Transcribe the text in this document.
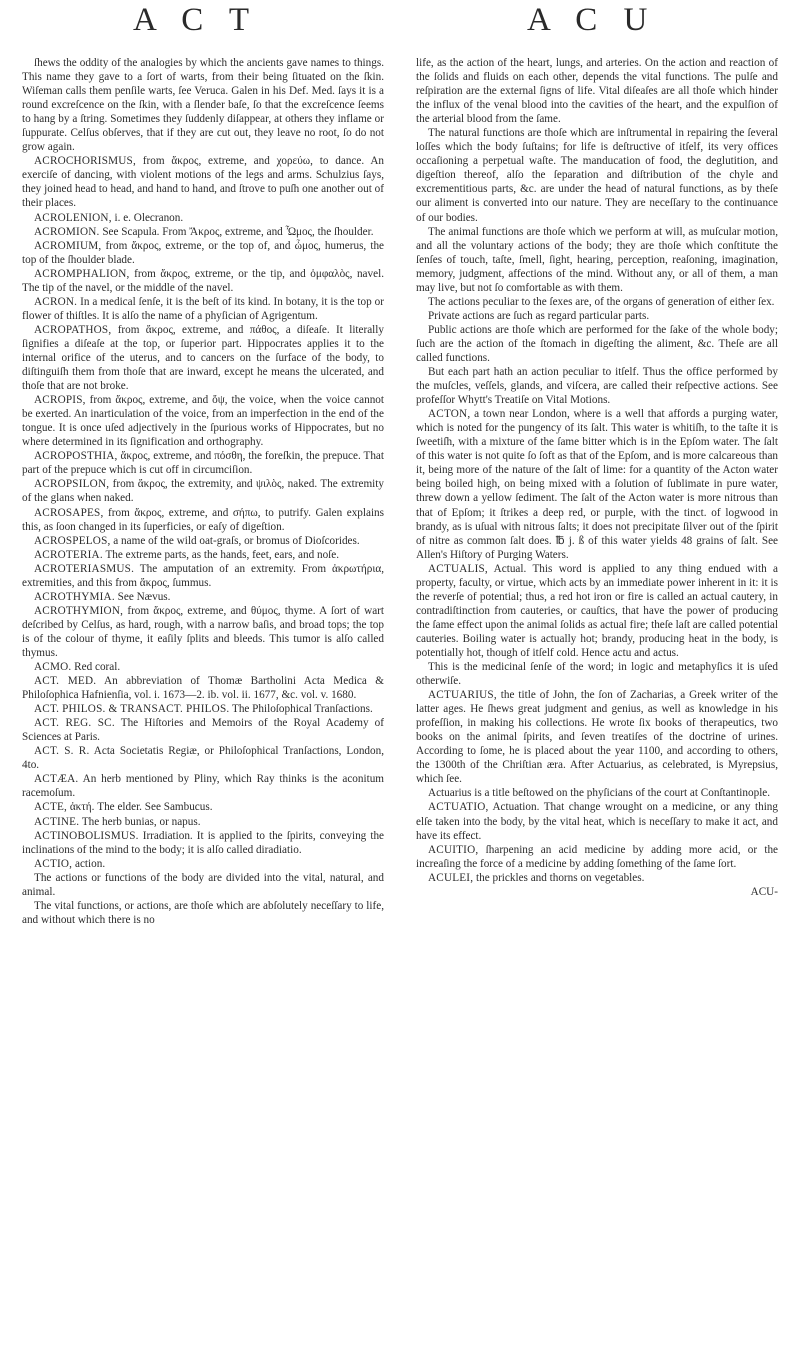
A C T	A C U

ſhews the oddity of the analogies by which the ancients gave names to things. This name they gave to a ſort of warts, from their being ſituated on the ſkin. Wiſeman calls them penſile warts, ſee Veruca. Galen in his Def. Med. ſays it is a round excreſcence on the ſkin, with a ſlender baſe, ſo that the excreſcence ſeems to hang by a ſtring. Sometimes they ſuddenly diſappear, at others they inflame or ſuppurate. Celſus obſerves, that if they are cut out, they leave no root, ſo do not grow again.

ACROCHORISMUS, from ἄκρος, extreme, and χορεύω, to dance. An exerciſe of dancing, with violent motions of the legs and arms. Schulzius ſays, they joined head to head, and hand to hand, and ſtrove to puſh one another out of their places.

ACROLENION, i. e. Olecranon.

ACROMION. See Scapula. From Ἄκρος, extreme, and Ὦμος, the ſhoulder.

ACROMIUM, from ἄκρος, extreme, or the top of, and ὦμος, humerus, the top of the ſhoulder blade.

ACROMPHALION, from ἄκρος, extreme, or the tip, and ὀμφαλὸς, navel. The tip of the navel, or the middle of the navel.

ACRON. In a medical ſenſe, it is the beſt of its kind. In botany, it is the top or flower of thiſtles. It is alſo the name of a phyſician of Agrigentum.

ACROPATHOS, from ἄκρος, extreme, and πάθος, a diſeaſe. It literally ſignifies a diſeaſe at the top, or ſuperior part. Hippocrates applies it to the internal orifice of the uterus, and to cancers on the ſurface of the body, to diſtinguiſh them from thoſe that are inward, except he means the ulcerated, and thoſe that are not broke.

ACROPIS, from ἄκρος, extreme, and ὄψ, the voice, when the voice cannot be exerted. An inarticulation of the voice, from an imperfection in the end of the tongue. It is once uſed adjectively in the ſpurious works of Hippocrates, but no where determined in its ſignification and orthography.

ACROPOSTHIA, ἄκρος, extreme, and πόσθη, the foreſkin, the prepuce. That part of the prepuce which is cut off in circumciſion.

ACROPSILON, from ἄκρος, the extremity, and ψιλὸς, naked. The extremity of the glans when naked.

ACROSAPES, from ἄκρος, extreme, and σήπω, to putrify. Galen explains this, as ſoon changed in its ſuperficies, or eaſy of digeſtion.

ACROSPELOS, a name of the wild oat-graſs, or bromus of Dioſcorides.

ACROTERIA. The extreme parts, as the hands, feet, ears, and noſe.

ACROTERIASMUS. The amputation of an extremity. From ἀκρωτήρια, extremities, and this from ἄκρος, ſummus.

ACROTHYMIA. See Nævus.

ACROTHYMION, from ἄκρος, extreme, and θύμος, thyme. A ſort of wart deſcribed by Celſus, as hard, rough, with a narrow baſis, and broad tops; the top is of the colour of thyme, it eaſily ſplits and bleeds. This tumor is alſo called thymus.

ACMO. Red coral.

ACT. MED. An abbreviation of Thomæ Bartholini Acta Medica & Philoſophica Hafnienſia, vol. i. 1673—2. ib. vol. ii. 1677, &c. vol. v. 1680.

ACT. PHILOS. & TRANSACT. PHILOS. The Philoſophical Tranſactions.

ACT. REG. SC. The Hiſtories and Memoirs of the Royal Academy of Sciences at Paris.

ACT. S. R. Acta Societatis Regiæ, or Philoſophical Tranſactions, London, 4to.

ACTÆA. An herb mentioned by Pliny, which Ray thinks is the aconitum racemoſum.

ACTE, ἀκτή. The elder. See Sambucus.

ACTINE. The herb bunias, or napus.

ACTINOBOLISMUS. Irradiation. It is applied to the ſpirits, conveying the inclinations of the mind to the body; it is alſo called diradiatio.

ACTIO, action.

The actions or functions of the body are divided into the vital, natural, and animal.

The vital functions, or actions, are thoſe which are abſolutely neceſſary to life, and without which there is no

life, as the action of the heart, lungs, and arteries. On the action and reaction of the ſolids and fluids on each other, depends the vital functions. The pulſe and reſpiration are the external ſigns of life. Vital diſeaſes are all thoſe which hinder the influx of the venal blood into the cavities of the heart, and the expulſion of the arterial blood from the ſame.

The natural functions are thoſe which are inſtrumental in repairing the ſeveral loſſes which the body ſuſtains; for life is deſtructive of itſelf, its very offices occaſioning a perpetual waſte. The manducation of food, the deglutition, and digeſtion thereof, alſo the ſeparation and diſtribution of the chyle and excrementitious parts, &c. are under the head of natural functions, as by theſe our aliment is converted into our nature. They are neceſſary to the continuance of our bodies.

The animal functions are thoſe which we perform at will, as muſcular motion, and all the voluntary actions of the body; they are thoſe which conſtitute the ſenſes of touch, taſte, ſmell, ſight, hearing, perception, reaſoning, imagination, memory, judgment, affections of the mind. Without any, or all of them, a man may live, but not ſo comfortable as with them.

The actions peculiar to the ſexes are, of the organs of generation of either ſex.

Private actions are ſuch as regard particular parts.

Public actions are thoſe which are performed for the ſake of the whole body; ſuch are the action of the ſtomach in digeſting the aliment, &c. Theſe are all called functions.

But each part hath an action peculiar to itſelf. Thus the office performed by the muſcles, veſſels, glands, and viſcera, are called their reſpective actions. See profeſſor Whytt's Treatiſe on Vital Motions.

ACTON, a town near London, where is a well that affords a purging water, which is noted for the pungency of its ſalt. This water is whitiſh, to the taſte it is ſweetiſh, with a mixture of the ſame bitter which is in the Epſom water. The ſalt of this water is not quite ſo ſoft as that of the Epſom, and is more calcareous than it, being more of the nature of the ſalt of lime: for a quantity of the Acton water being boiled high, on being mixed with a ſolution of ſublimate in pure water, threw down a yellow ſediment. The ſalt of the Acton water is more nitrous than that of Epſom; it ſtrikes a deep red, or purple, with the tinct. of logwood in brandy, as is uſual with nitrous ſalts; it does not precipitate ſilver out of the ſpirit of nitre as common ſalt does. ℔ j. ß of this water yields 48 grains of ſalt. See Allen's Hiſtory of Purging Waters.

ACTUALIS, Actual. This word is applied to any thing endued with a property, faculty, or virtue, which acts by an immediate power inherent in it: it is the reverſe of potential; thus, a red hot iron or fire is called an actual cautery, in contradiſtinction from cauteries, or cauſtics, that have the power of producing the ſame effect upon the animal ſolids as actual fire; theſe laſt are called potential cauteries. Boiling water is actually hot; brandy, producing heat in the body, is potentially hot, though of itſelf cold. Hence actu and actus.

This is the medicinal ſenſe of the word; in logic and metaphyſics it is uſed otherwiſe.

ACTUARIUS, the title of John, the ſon of Zacharias, a Greek writer of the latter ages. He ſhews great judgment and genius, as well as knowledge in his profeſſion, in making his collections. He wrote ſix books of therapeutics, two books on the animal ſpirits, and ſeven treatiſes of the doctrine of urines. According to ſome, he is placed about the year 1100, and according to others, the 1300th of the Chriſtian æra. After Actuarius, as celebrated, is Myrepsius, which ſee.

Actuarius is a title beſtowed on the phyſicians of the court at Conſtantinople.

ACTUATIO, Actuation. That change wrought on a medicine, or any thing elſe taken into the body, by the vital heat, which is neceſſary to make it act, and have its effect.

ACUITIO, ſharpening an acid medicine by adding more acid, or the increaſing the force of a medicine by adding ſomething of the ſame ſort.

ACULEI, the prickles and thorns on vegetables.

ACU-
